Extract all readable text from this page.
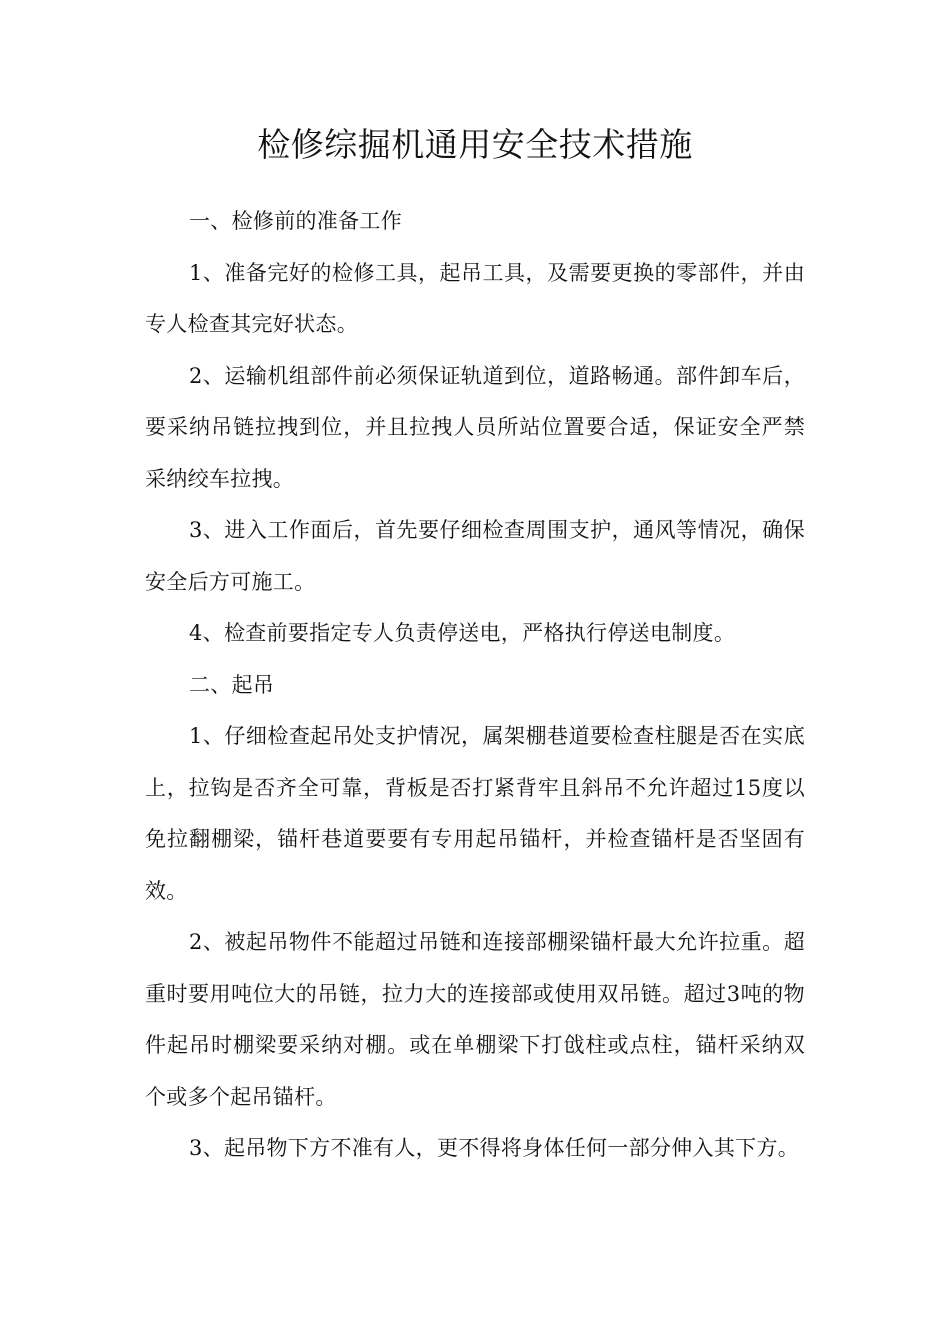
检修综掘机通用安全技术措施

一、检修前的准备工作

1、准备完好的检修工具，起吊工具，及需要更换的零部件，并由专人检查其完好状态。

2、运输机组部件前必须保证轨道到位，道路畅通。部件卸车后，要采纳吊链拉拽到位，并且拉拽人员所站位置要合适，保证安全严禁采纳绞车拉拽。

3、进入工作面后，首先要仔细检查周围支护，通风等情况，确保安全后方可施工。

4、检查前要指定专人负责停送电，严格执行停送电制度。

二、起吊

1、仔细检查起吊处支护情况，属架棚巷道要检查柱腿是否在实底上，拉钩是否齐全可靠，背板是否打紧背牢且斜吊不允许超过15度以免拉翻棚梁，锚杆巷道要要有专用起吊锚杆，并检查锚杆是否坚固有效。

2、被起吊物件不能超过吊链和连接部棚梁锚杆最大允许拉重。超重时要用吨位大的吊链，拉力大的连接部或使用双吊链。超过3吨的物件起吊时棚梁要采纳对棚。或在单棚梁下打戗柱或点柱，锚杆采纳双个或多个起吊锚杆。

3、起吊物下方不准有人，更不得将身体任何一部分伸入其下方。
